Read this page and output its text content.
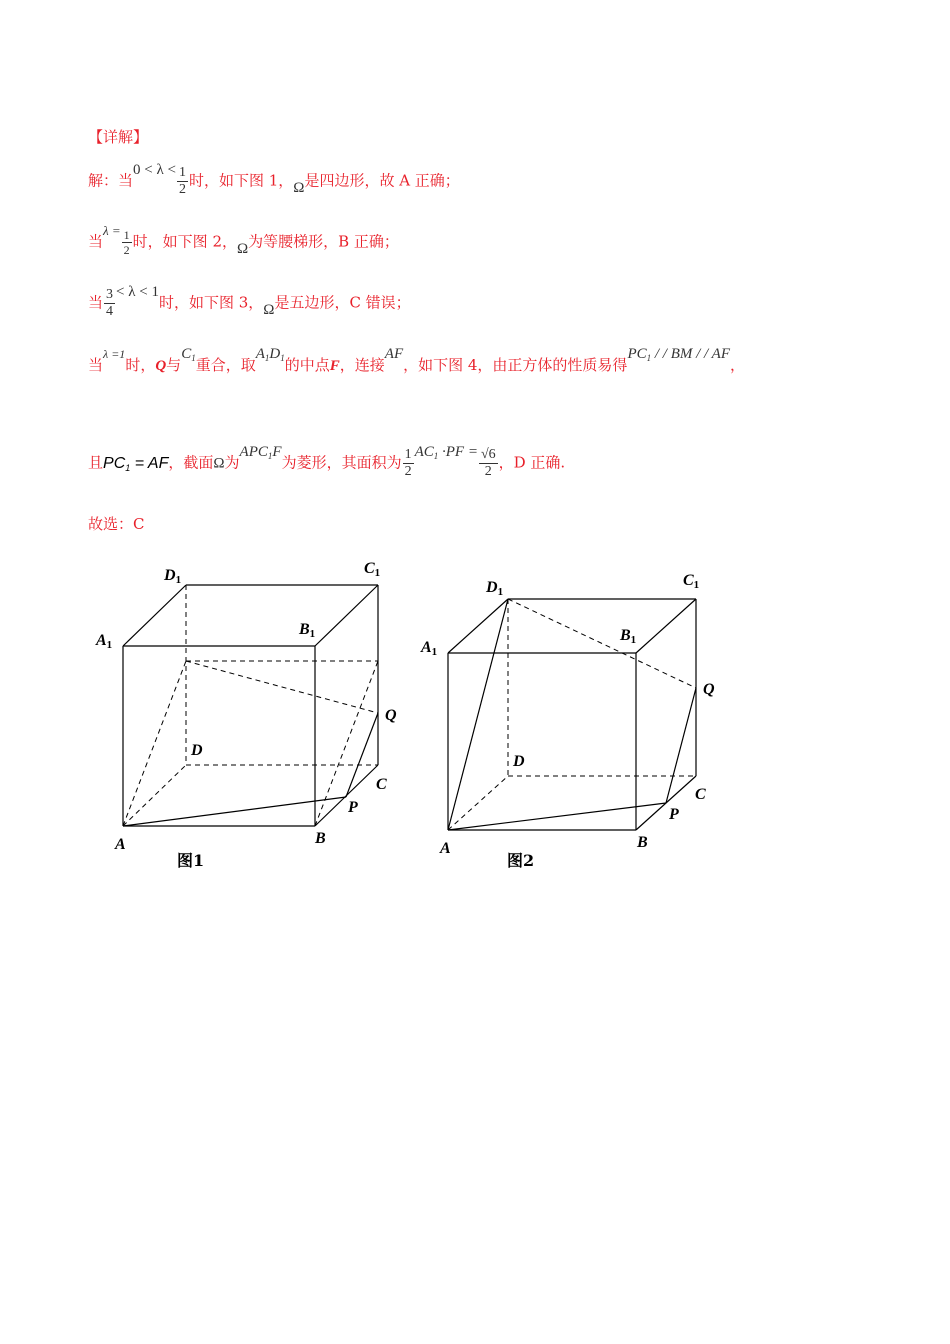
【详解】
解：当$0 < \lambda < \frac{1}{2}$ 时，如下图 1，Ω是四边形，故 A 正确；
当$\lambda = \frac{1}{2}$ 时，如下图 2，Ω为等腰梯形，B 正确；
当 $\frac{3}{4} < \lambda < 1$时，如下图 3，Ω是五边形，C 错误；
当$^{\lambda =1}$时，Q与$C_1$重合，取$A_1D_1$的中点F，连接AF，如下图 4，由正方体的性质易得$PC_1$ / / BM / / AF，
且$PC_1$ = AF，截面Ω为$APC_1F$为菱形，其面积为 $\frac{1}{2} AC_1 \cdot PF = \frac{√6}{2}$ ，D 正确.
故选：C
D1
C1
A1
B1
Q
D
C
P
A	B
图1
D1
C1
A1
B1
Q
D
C
P
A	B
图2
